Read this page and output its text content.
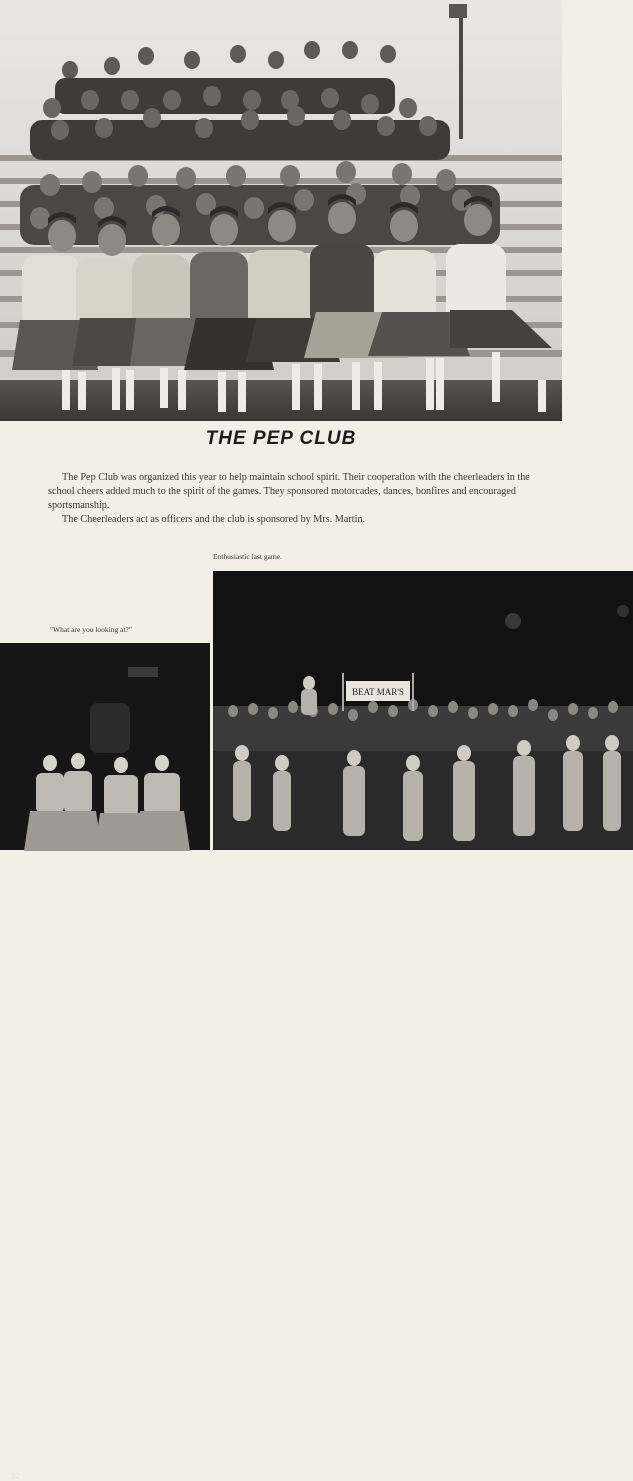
THE PEP CLUB

The Pep Club was organized this year to help maintain school spirit. Their cooperation with the cheerleaders in the school cheers added much to the spirit of the games. They sponsored motorcades, dances, bonfires and encouraged sportsmanship.

The Cheerleaders act as officers and the club is sponsored by Mrs. Martin.

Enthusiastic last game.
"What are you looking at?"
BEAT MAR'S
32
